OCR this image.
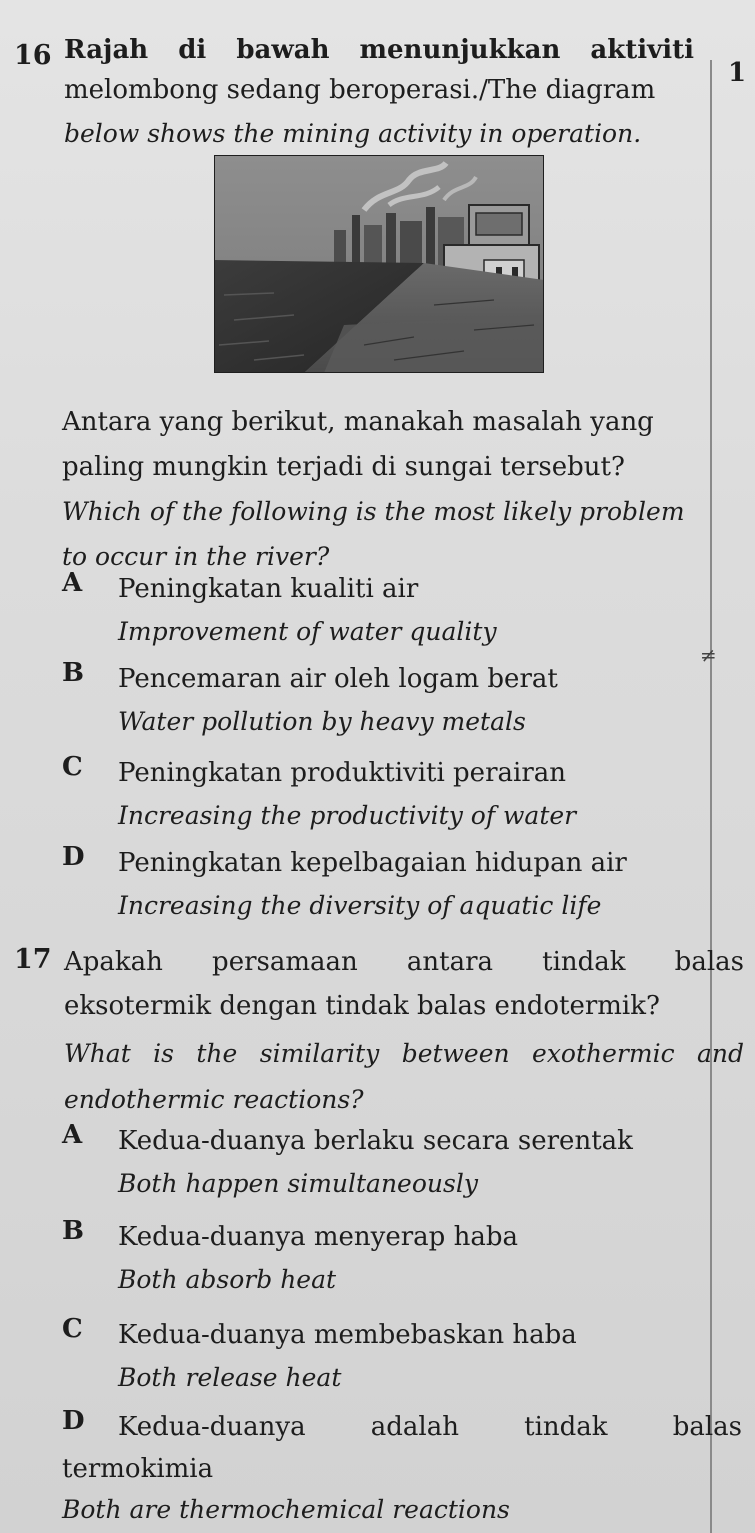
1
≠
16 Rajah di bawah menunjukkan aktiviti
melombong sedang beroperasi./The diagram
below shows the mining activity in operation.
Antara yang berikut, manakah masalah yang
paling mungkin terjadi di sungai tersebut?
Which of the following is the most likely problem
to occur in the river?
A	Peningkatan kualiti air
Improvement of water quality
B	Pencemaran air oleh logam berat
Water pollution by heavy metals
C	Peningkatan produktiviti perairan
Increasing the productivity of water
D	Peningkatan kepelbagaian hidupan air
Increasing the diversity of aquatic life
17 Apakah persamaan antara tindak balas
eksotermik dengan tindak balas endotermik?
What is the similarity between exothermic and
endothermic reactions?
A	Kedua-duanya berlaku secara serentak
Both happen simultaneously
B	Kedua-duanya menyerap haba
Both absorb heat
C	Kedua-duanya membebaskan haba
Both release heat
D	Kedua-duanya adalah tindak balas
termokimia
Both are thermochemical reactions
